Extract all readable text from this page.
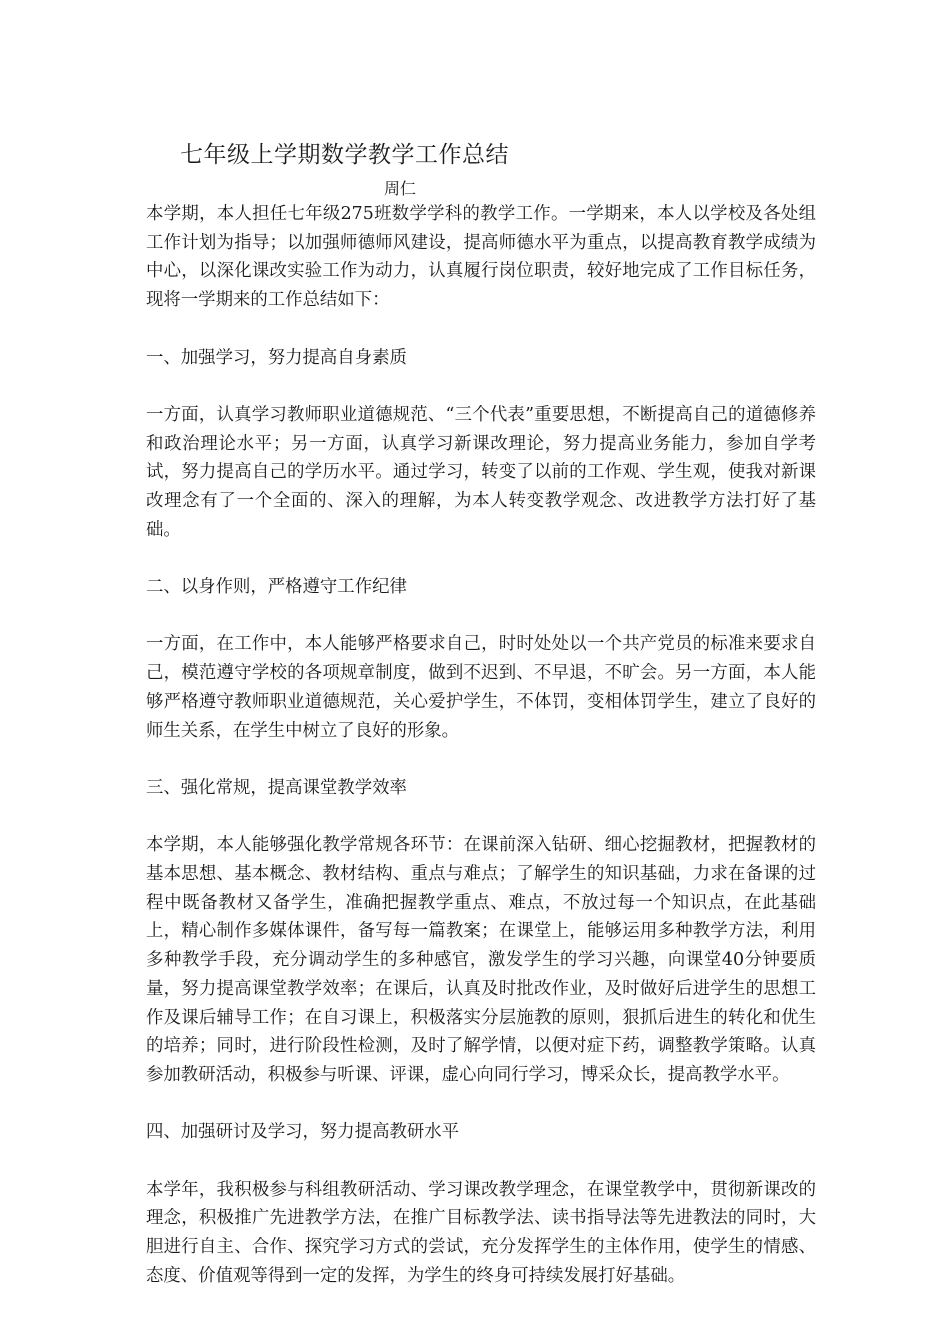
七年级上学期数学教学工作总结
周仁

本学期，本人担任七年级275班数学学科的教学工作。一学期来，本人以学校及各处组工作计划为指导；以加强师德师风建设，提高师德水平为重点，以提高教育教学成绩为中心，以深化课改实验工作为动力，认真履行岗位职责，较好地完成了工作目标任务，现将一学期来的工作总结如下：

一、加强学习，努力提高自身素质

一方面，认真学习教师职业道德规范、“三个代表”重要思想，不断提高自己的道德修养和政治理论水平；另一方面，认真学习新课改理论，努力提高业务能力，参加自学考试，努力提高自己的学历水平。通过学习，转变了以前的工作观、学生观，使我对新课改理念有了一个全面的、深入的理解，为本人转变教学观念、改进教学方法打好了基础。

二、以身作则，严格遵守工作纪律

一方面，在工作中，本人能够严格要求自己，时时处处以一个共产党员的标准来要求自己，模范遵守学校的各项规章制度，做到不迟到、不早退，不旷会。另一方面，本人能够严格遵守教师职业道德规范，关心爱护学生，不体罚，变相体罚学生，建立了良好的师生关系，在学生中树立了良好的形象。

三、强化常规，提高课堂教学效率

本学期，本人能够强化教学常规各环节：在课前深入钻研、细心挖掘教材，把握教材的基本思想、基本概念、教材结构、重点与难点；了解学生的知识基础，力求在备课的过程中既备教材又备学生，准确把握教学重点、难点，不放过每一个知识点，在此基础上，精心制作多媒体课件，备写每一篇教案；在课堂上，能够运用多种教学方法，利用多种教学手段，充分调动学生的多种感官，激发学生的学习兴趣，向课堂40分钟要质量，努力提高课堂教学效率；在课后，认真及时批改作业，及时做好后进学生的思想工作及课后辅导工作；在自习课上，积极落实分层施教的原则，狠抓后进生的转化和优生的培养；同时，进行阶段性检测，及时了解学情，以便对症下药，调整教学策略。认真参加教研活动，积极参与听课、评课，虚心向同行学习，博采众长，提高教学水平。

四、加强研讨及学习，努力提高教研水平

本学年，我积极参与科组教研活动、学习课改教学理念，在课堂教学中，贯彻新课改的理念，积极推广先进教学方法，在推广目标教学法、读书指导法等先进教法的同时，大胆进行自主、合作、探究学习方式的尝试，充分发挥学生的主体作用，使学生的情感、态度、价值观等得到一定的发挥，为学生的终身可持续发展打好基础。
